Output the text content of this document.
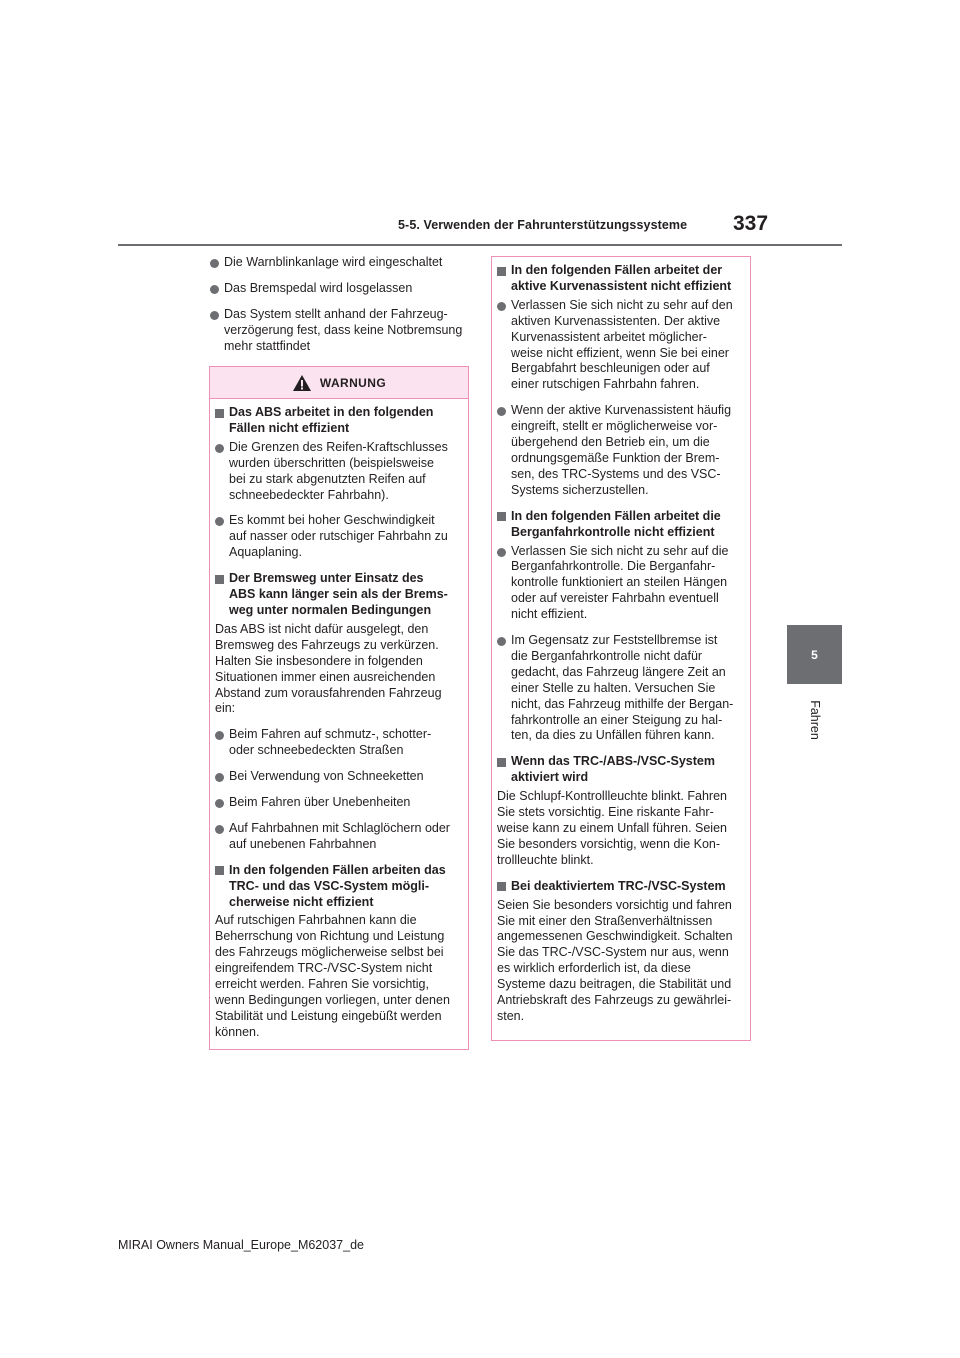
337
5-5. Verwenden der Fahrunterstützungssysteme
5
Fahren
Die Warnblinkanlage wird eingeschaltet
Das Bremspedal wird losgelassen
Das System stellt anhand der Fahrzeug-
verzögerung fest, dass keine Notbremsung
mehr stattfindet
WARNUNG
Das ABS arbeitet in den folgenden
Fällen nicht effizient
Die Grenzen des Reifen-Kraftschlusses
wurden überschritten (beispielsweise
bei zu stark abgenutzten Reifen auf
schneebedeckter Fahrbahn).
Es kommt bei hoher Geschwindigkeit
auf nasser oder rutschiger Fahrbahn zu
Aquaplaning.
Der Bremsweg unter Einsatz des
ABS kann länger sein als der Brems-
weg unter normalen Bedingungen
Das ABS ist nicht dafür ausgelegt, den
Bremsweg des Fahrzeugs zu verkürzen.
Halten Sie insbesondere in folgenden
Situationen immer einen ausreichenden
Abstand zum vorausfahrenden Fahrzeug
ein:
Beim Fahren auf schmutz-, schotter-
oder schneebedeckten Straßen
Bei Verwendung von Schneeketten
Beim Fahren über Unebenheiten
Auf Fahrbahnen mit Schlaglöchern oder
auf unebenen Fahrbahnen
In den folgenden Fällen arbeiten das
TRC- und das VSC-System mögli-
cherweise nicht effizient
Auf rutschigen Fahrbahnen kann die
Beherrschung von Richtung und Leistung
des Fahrzeugs möglicherweise selbst bei
eingreifendem TRC-/VSC-System nicht
erreicht werden. Fahren Sie vorsichtig,
wenn Bedingungen vorliegen, unter denen
Stabilität und Leistung eingebüßt werden
können.
In den folgenden Fällen arbeitet der
aktive Kurvenassistent nicht effizient
Verlassen Sie sich nicht zu sehr auf den
aktiven Kurvenassistenten. Der aktive
Kurvenassistent arbeitet möglicher-
weise nicht effizient, wenn Sie bei einer
Bergabfahrt beschleunigen oder auf
einer rutschigen Fahrbahn fahren.
Wenn der aktive Kurvenassistent häufig
eingreift, stellt er möglicherweise vor-
übergehend den Betrieb ein, um die
ordnungsgemäße Funktion der Brem-
sen, des TRC-Systems und des VSC-
Systems sicherzustellen.
In den folgenden Fällen arbeitet die
Berganfahrkontrolle nicht effizient
Verlassen Sie sich nicht zu sehr auf die
Berganfahrkontrolle. Die Berganfahr-
kontrolle funktioniert an steilen Hängen
oder auf vereister Fahrbahn eventuell
nicht effizient.
Im Gegensatz zur Feststellbremse ist
die Berganfahrkontrolle nicht dafür
gedacht, das Fahrzeug längere Zeit an
einer Stelle zu halten. Versuchen Sie
nicht, das Fahrzeug mithilfe der Bergan-
fahrkontrolle an einer Steigung zu hal-
ten, da dies zu Unfällen führen kann.
Wenn das TRC-/ABS-/VSC-System
aktiviert wird
Die Schlupf-Kontrollleuchte blinkt. Fahren
Sie stets vorsichtig. Eine riskante Fahr-
weise kann zu einem Unfall führen. Seien
Sie besonders vorsichtig, wenn die Kon-
trollleuchte blinkt.
Bei deaktiviertem TRC-/VSC-System
Seien Sie besonders vorsichtig und fahren
Sie mit einer den Straßenverhältnissen
angemessenen Geschwindigkeit. Schalten
Sie das TRC-/VSC-System nur aus, wenn
es wirklich erforderlich ist, da diese
Systeme dazu beitragen, die Stabilität und
Antriebskraft des Fahrzeugs zu gewährlei-
sten.
MIRAI Owners Manual_Europe_M62037_de
